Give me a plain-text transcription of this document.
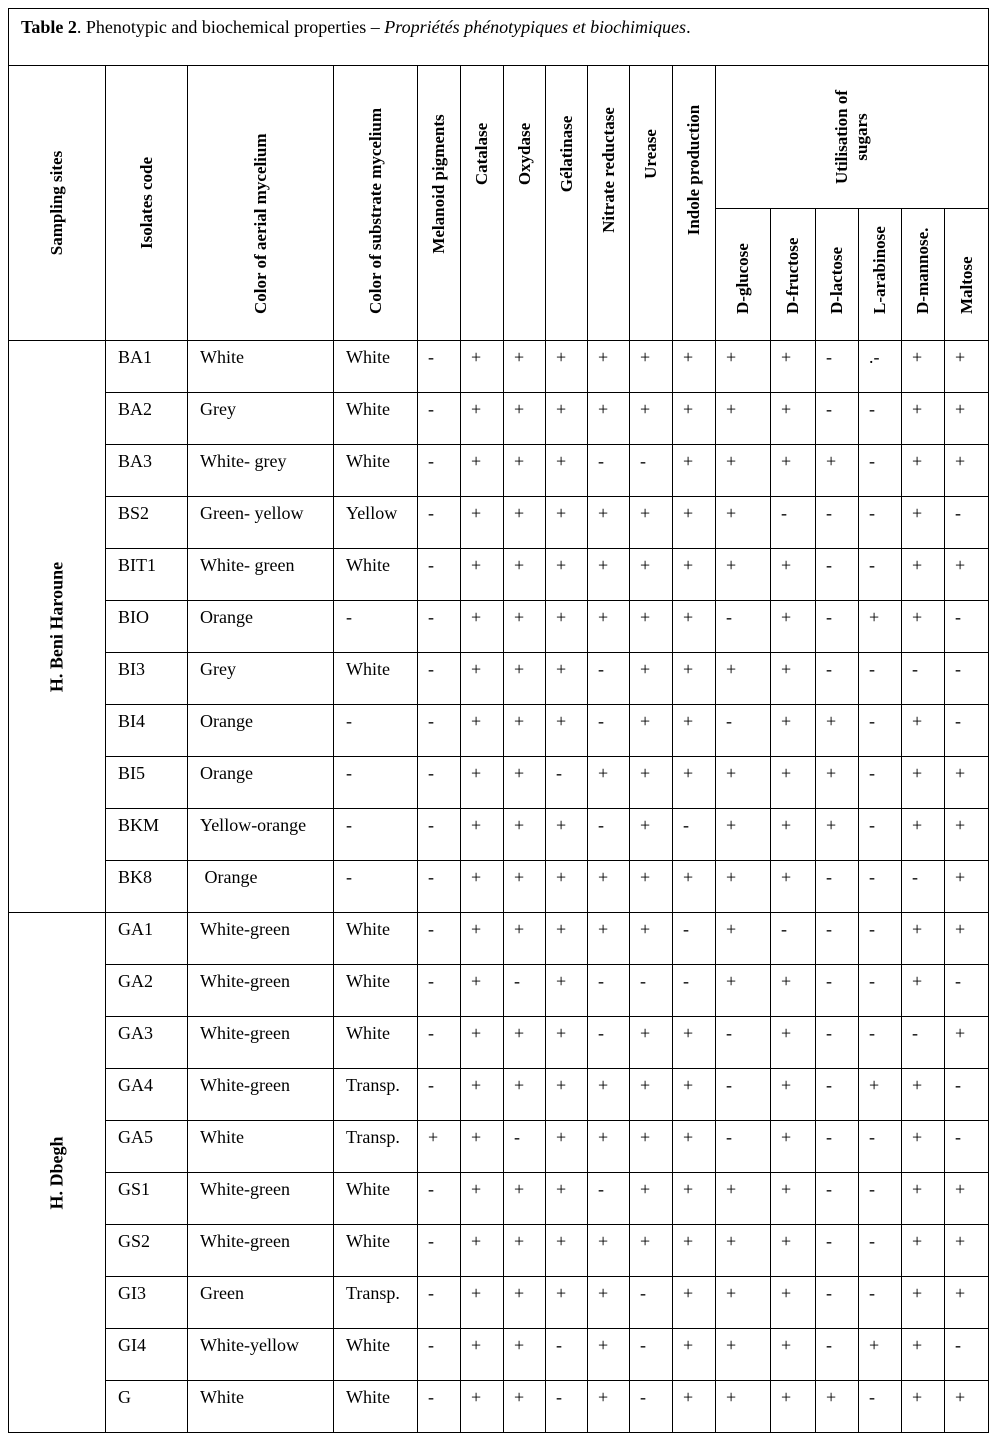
Table 2. Phenotypic and biochemical properties – Propriétés phénotypiques et biochimiques.																

Sampling sites	Isolates code	Color of aerial mycelium	Color of substrate mycelium	Melanoid pigments	Catalase	Oxydase	Gélatinase	Nitrate reductase	Urease	Indole production	Utilisation of
sugars					

											D-glucose	D-fructose	D-lactose	L-arabinose	D-mannose.	Maltose

H. Beni Haroune	BA1	White	White	-	+	+	+	+	+	+	+	+	-	.-	+	+
	BA2	Grey	White	-	+	+	+	+	+	+	+	+	-	-	+	+
	BA3	White- grey	White	-	+	+	+	-	-	+	+	+	+	-	+	+
	BS2	Green- yellow	Yellow	-	+	+	+	+	+	+	+	-	-	-	+	-
	BIT1	White- green	White	-	+	+	+	+	+	+	+	+	-	-	+	+
	BIO	Orange	-	-	+	+	+	+	+	+	-	+	-	+	+	-
	BI3	Grey	White	-	+	+	+	-	+	+	+	+	-	-	-	-
	BI4	Orange	-	-	+	+	+	-	+	+	-	+	+	-	+	-
	BI5	Orange	-	-	+	+	-	+	+	+	+	+	+	-	+	+
	BKM	Yellow-orange	-	-	+	+	+	-	+	-	+	+	+	-	+	+
	BK8	Orange	-	-	+	+	+	+	+	+	+	+	-	-	-	+

H. Dbegh	GA1	White-green	White	-	+	+	+	+	+	-	+	-	-	-	+	+
	GA2	White-green	White	-	+	-	+	-	-	-	+	+	-	-	+	-
	GA3	White-green	White	-	+	+	+	-	+	+	-	+	-	-	-	+
	GA4	White-green	Transp.	-	+	+	+	+	+	+	-	+	-	+	+	-
	GA5	White	Transp.	+	+	-	+	+	+	+	-	+	-	-	+	-
	GS1	White-green	White	-	+	+	+	-	+	+	+	+	-	-	+	+
	GS2	White-green	White	-	+	+	+	+	+	+	+	+	-	-	+	+
	GI3	Green	Transp.	-	+	+	+	+	-	+	+	+	-	-	+	+
	GI4	White-yellow	White	-	+	+	-	+	-	+	+	+	-	+	+	-
	G	White	White	-	+	+	-	+	-	+	+	+	+	-	+	+
